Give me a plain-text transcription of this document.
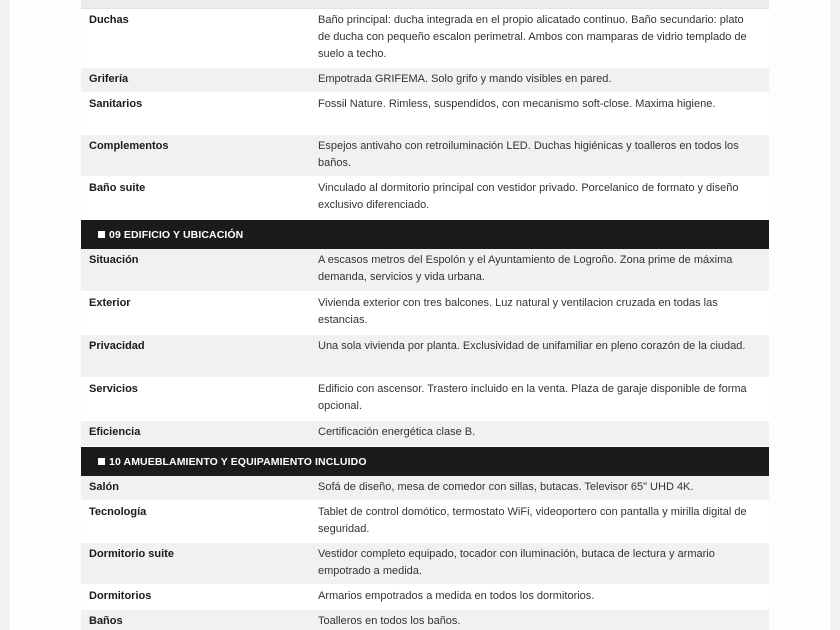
Duchas	Baño principal: ducha integrada en el propio alicatado continuo. Baño secundario: plato de ducha con pequeño escalon perimetral. Ambos con mamparas de vidrio templado de suelo a techo.
Grifería	Empotrada GRIFEMA. Solo grifo y mando visibles en pared.
Sanitarios	Fossil Nature. Rimless, suspendidos, con mecanismo soft-close. Maxima higiene.
Complementos	Espejos antivaho con retroiluminación LED. Duchas higiénicas y toalleros en todos los baños.
Baño suite	Vinculado al dormitorio principal con vestidor privado. Porcelanico de formato y diseño exclusivo diferenciado.
09 EDIFICIO Y UBICACIÓN
Situación	A escasos metros del Espolón y el Ayuntamiento de Logroño. Zona prime de máxima demanda, servicios y vida urbana.
Exterior	Vivienda exterior con tres balcones. Luz natural y ventilacion cruzada en todas las estancias.
Privacidad	Una sola vivienda por planta. Exclusividad de unifamiliar en pleno corazón de la ciudad.
Servicios	Edificio con ascensor. Trastero incluido en la venta. Plaza de garaje disponible de forma opcional.
Eficiencia	Certificación energética clase B.
10 AMUEBLAMIENTO Y EQUIPAMIENTO INCLUIDO
Salón	Sofá de diseño, mesa de comedor con sillas, butacas. Televisor 65" UHD 4K.
Tecnología	Tablet de control domótico, termostato WiFi, videoportero con pantalla y mirilla digital de seguridad.
Dormitorio suite	Vestidor completo equipado, tocador con iluminación, butaca de lectura y armario empotrado a medida.
Dormitorios	Armarios empotrados a medida en todos los dormitorios.
Baños	Toalleros en todos los baños.
